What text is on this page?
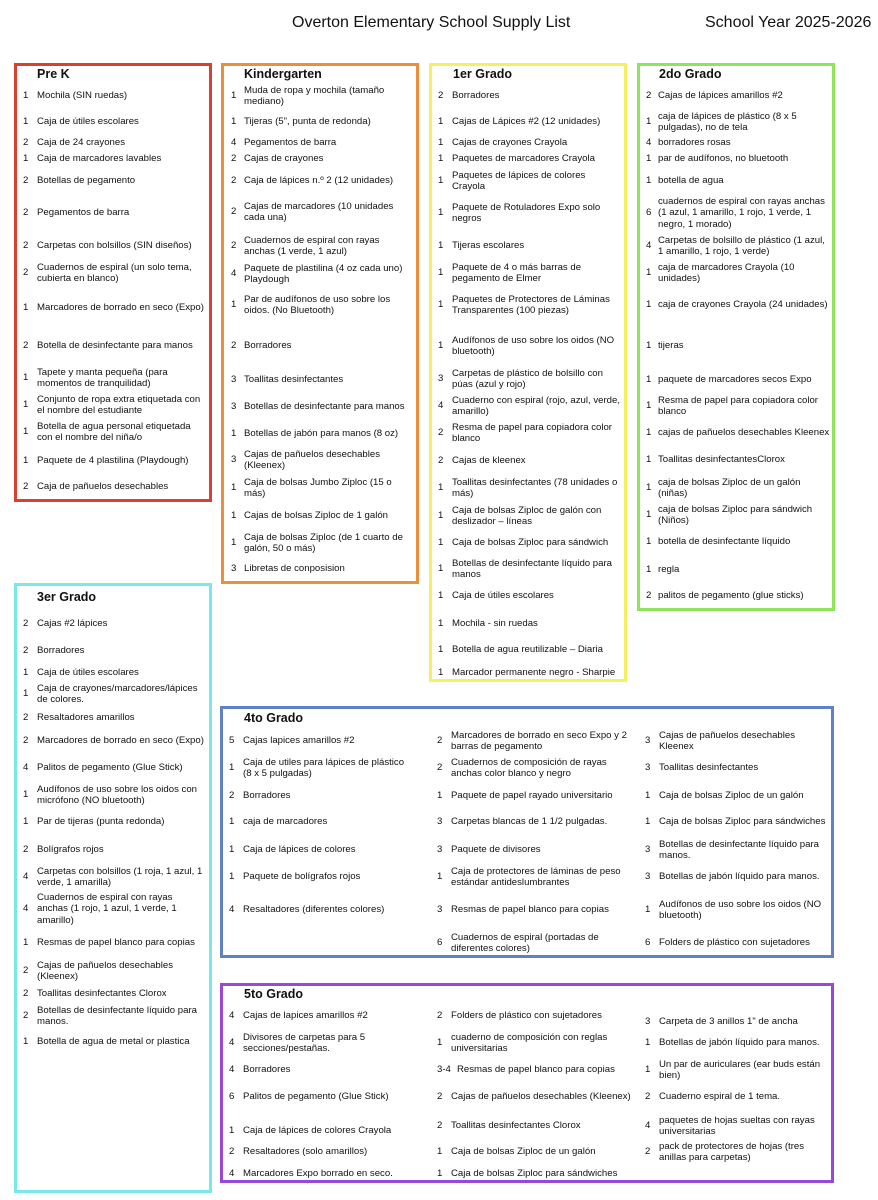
Overton Elementary School Supply List	School Year 2025-2026
Pre K	Kindergarten	1er Grado	2do Grado
3er Grado
4to Grado
5to Grado
1 Mochila (SIN ruedas)
1 Caja de útiles escolares
2 Caja de 24 crayones
1 Caja de marcadores lavables
2 Botellas de pegamento
2 Pegamentos de barra
2 Carpetas con bolsillos (SIN diseños)
2
Cuadernos de espiral (un solo tema, cubierta en blanco)
1 Marcadores de borrado en seco (Expo)
2 Botella de desinfectante para manos
1
Tapete y manta pequeña (para momentos de tranquilidad)
1
Conjunto de ropa extra etiquetada con el nombre del estudiante
1
Botella de agua personal etiquetada con el nombre del niña/o
1 Paquete de 4 plastilina (Playdough)
2 Caja de pañuelos desechables
1
Muda de ropa y mochila (tamaño mediano)
1 Tijeras (5", punta de redonda)
4 Pegamentos de barra
2 Cajas de crayones
2 Caja de lápices n.º 2 (12 unidades)
2
Cajas de marcadores (10 unidades cada una)
2
Cuadernos de espiral con rayas anchas (1 verde, 1 azul)
4
Paquete de plastilina (4 oz cada uno) Playdough
1
Par de audífonos de uso sobre los oidos. (No Bluetooth)
2 Borradores
3 Toallitas desinfectantes
3 Botellas de desinfectante para manos
1 Botellas de jabón para manos (8 oz)
3
Cajas de pañuelos desechables (Kleenex)
1
Caja de bolsas Jumbo Ziploc (15 o más)
1 Cajas de bolsas Ziploc de 1 galón
1
Caja de bolsas Ziploc (de 1 cuarto de galón, 50 o más)
3 Libretas de conposision
2 Borradores
1 Cajas de Lápices #2 (12 unidades)
1 Cajas de crayones Crayola
1 Paquetes de marcadores Crayola
1
Paquetes de lápices de colores Crayola
1
Paquete de Rotuladores Expo solo negros
1 Tijeras escolares
1
Paquete de 4 o más barras de pegamento de Elmer
1
Paquetes de Protectores de Láminas Transparentes (100 piezas)
1
Audífonos de uso sobre los oidos (NO bluetooth)
3
Carpetas de plástico de bolsillo con púas (azul y rojo)
4
Cuaderno con espiral (rojo, azul, verde, amarillo)
2
Resma de papel para copiadora color blanco
2 Cajas de kleenex
1
Toallitas desinfectantes (78 unidades o más)
1
Caja de bolsas Ziploc de galón con deslizador – líneas
1 Caja de bolsas Ziploc para sándwich
1
Botellas de desinfectante líquido para manos
1 Caja de útiles escolares
1 Mochila - sin ruedas
1 Botella de agua reutilizable – Diaria
1 Marcador permanente negro - Sharpie
2 Cajas de lápices amarillos #2
1
caja de lápices de plástico (8 x 5 pulgadas), no de tela
4 borradores rosas
1 par de audífonos, no bluetooth
1 botella de agua
6
cuadernos de espiral con rayas anchas (1 azul, 1 amarillo, 1 rojo, 1 verde, 1 negro, 1 morado)
4
Carpetas de bolsillo de plástico (1 azul, 1 amarillo, 1 rojo, 1 verde)
1
caja de marcadores Crayola (10 unidades)
1 caja de crayones Crayola (24 unidades)
1 tijeras
1 paquete de marcadores secos Expo
1
Resma de papel para copiadora color blanco
1 cajas de pañuelos desechables Kleenex
1 Toallitas desinfectantesClorox
1
caja de bolsas Ziploc de un galón (niñas)
1
caja de bolsas Ziploc para sándwich (Niños)
1 botella de desinfectante líquido
1 regla
2 palitos de pegamento (glue sticks)
2 Cajas #2 lápices
2 Borradores
1 Caja de útiles escolares
1
Caja de crayones/marcadores/lápices de colores.
2 Resaltadores amarillos
2 Marcadores de borrado en seco (Expo)
4 Palitos de pegamento (Glue Stick)
1
Audífonos de uso sobre los oidos con micrófono (NO bluetooth)
1 Par de tijeras (punta redonda)
2 Bolígrafos rojos
4
Carpetas con bolsillos (1 roja, 1 azul, 1 verde, 1 amarilla)
4
Cuadernos de espiral con rayas anchas (1 rojo, 1 azul, 1 verde, 1 amarillo)
1 Resmas de papel blanco para copias
2
Cajas de pañuelos desechables (Kleenex)
2 Toallitas desinfectantes Clorox
2
Botellas de desinfectante líquido para manos.
1 Botella de agua de metal or plastica
5 Cajas lapices amarillos #2
1
Caja de utiles para lápices de plástico (8 x 5 pulgadas)
2 Borradores
1 caja de marcadores
1 Caja de lápices de colores
1 Paquete de bolígrafos rojos
4 Resaltadores (diferentes colores)
2
Marcadores de borrado en seco Expo y 2 barras de pegamento
2
Cuadernos de composición de rayas anchas color blanco y negro
1 Paquete de papel rayado universitario
3 Carpetas blancas de 1 1/2 pulgadas.
3 Paquete de divisores
1
Caja de protectores de láminas de peso estándar antideslumbrantes
3 Resmas de papel blanco para copias
6
Cuadernos de espiral (portadas de diferentes colores)
3
Cajas de pañuelos desechables Kleenex
3 Toallitas desinfectantes
1 Caja de bolsas Ziploc de un galón
1 Caja de bolsas Ziploc para sándwiches
3
Botellas de desinfectante líquido para manos.
3 Botellas de jabón líquido para manos.
1
Audífonos de uso sobre los oidos (NO bluetooth)
6 Folders de plástico con sujetadores
4 Cajas de lapices amarillos #2
4
Divisores de carpetas para 5 secciones/pestañas.
4 Borradores
6 Palitos de pegamento (Glue Stick)
1 Caja de lápices de colores Crayola
2 Resaltadores (solo amarillos)
4 Marcadores Expo borrado en seco.
2 Folders de plástico con sujetadores
1
cuaderno de composición con reglas universitarias
3-4 Resmas de papel blanco para copias
2 Cajas de pañuelos desechables (Kleenex)
2 Toallitas desinfectantes Clorox
1 Caja de bolsas Ziploc de un galón
1 Caja de bolsas Ziploc para sándwiches
3 Carpeta de 3 anillos 1" de ancha
1 Botellas de jabón líquido para manos.
1
Un par de auriculares (ear buds están bien)
2 Cuaderno espiral de 1 tema.
4
paquetes de hojas sueltas con rayas universitarias
2
pack de protectores de hojas (tres anillas para carpetas)
